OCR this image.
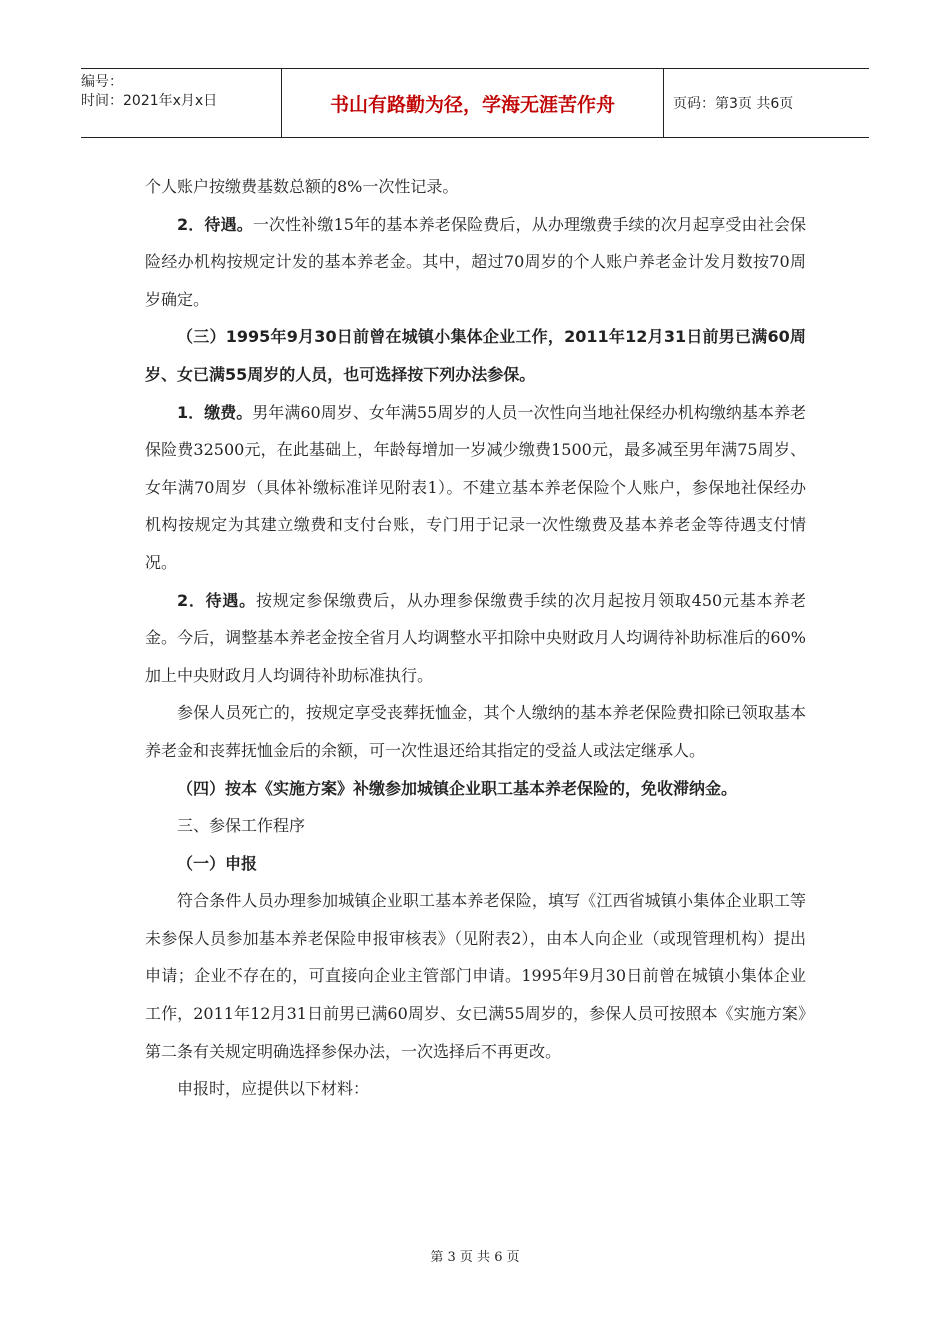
编号：
时间：2021年x月x日	书山有路勤为径，学海无涯苦作舟	页码：第3页 共6页

个人账户按缴费基数总额的8%一次性记录。

2．待遇。一次性补缴15年的基本养老保险费后，从办理缴费手续的次月起享受由社会保险经办机构按规定计发的基本养老金。其中，超过70周岁的个人账户养老金计发月数按70周岁确定。

（三）1995年9月30日前曾在城镇小集体企业工作，2011年12月31日前男已满60周岁、女已满55周岁的人员，也可选择按下列办法参保。

1．缴费。男年满60周岁、女年满55周岁的人员一次性向当地社保经办机构缴纳基本养老保险费32500元，在此基础上，年龄每增加一岁减少缴费1500元，最多减至男年满75周岁、女年满70周岁（具体补缴标准详见附表1）。不建立基本养老保险个人账户，参保地社保经办机构按规定为其建立缴费和支付台账，专门用于记录一次性缴费及基本养老金等待遇支付情况。

2．待遇。按规定参保缴费后，从办理参保缴费手续的次月起按月领取450元基本养老金。今后，调整基本养老金按全省月人均调整水平扣除中央财政月人均调待补助标准后的60%加上中央财政月人均调待补助标准执行。

参保人员死亡的，按规定享受丧葬抚恤金，其个人缴纳的基本养老保险费扣除已领取基本养老金和丧葬抚恤金后的余额，可一次性退还给其指定的受益人或法定继承人。

（四）按本《实施方案》补缴参加城镇企业职工基本养老保险的，免收滞纳金。

三、参保工作程序

（一）申报

符合条件人员办理参加城镇企业职工基本养老保险，填写《江西省城镇小集体企业职工等未参保人员参加基本养老保险申报审核表》（见附表2），由本人向企业（或现管理机构）提出申请；企业不存在的，可直接向企业主管部门申请。1995年9月30日前曾在城镇小集体企业工作，2011年12月31日前男已满60周岁、女已满55周岁的，参保人员可按照本《实施方案》第二条有关规定明确选择参保办法，一次选择后不再更改。

申报时，应提供以下材料：

第 3 页 共 6 页
